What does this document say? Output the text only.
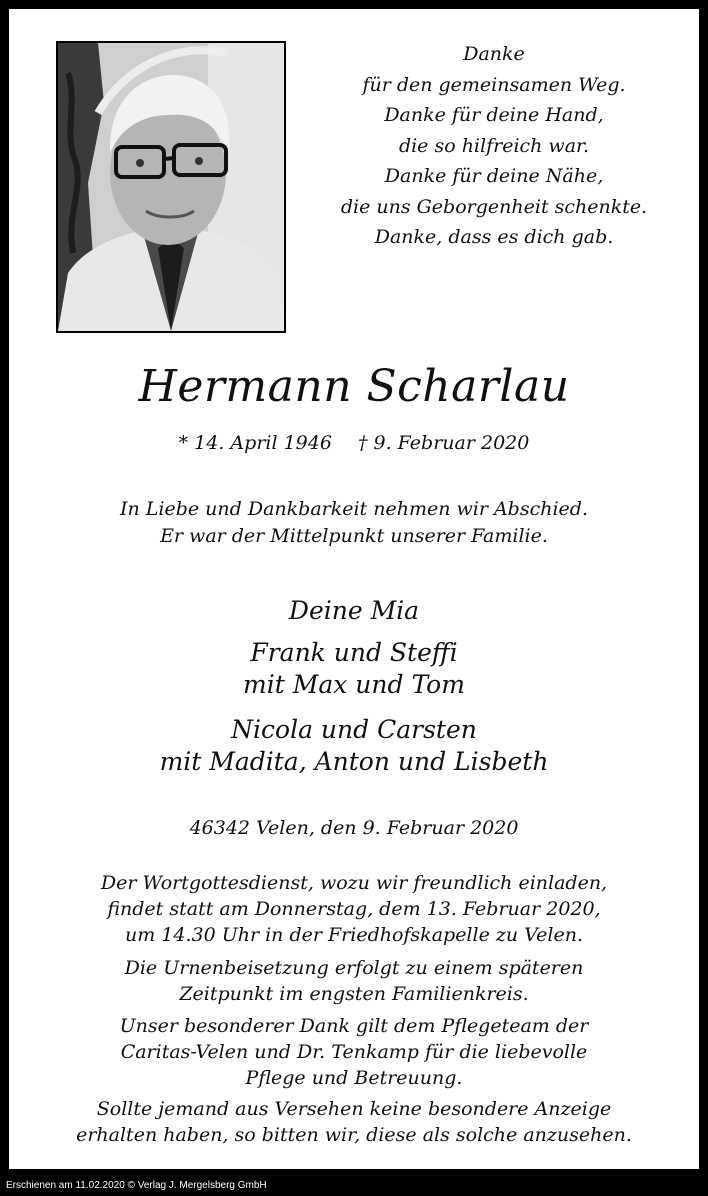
Danke
für den gemeinsamen Weg.
Danke für deine Hand,
die so hilfreich war.
Danke für deine Nähe,
die uns Geborgenheit schenkte.
Danke, dass es dich gab.
Hermann Scharlau
* 14. April 1946 † 9. Februar 2020
In Liebe und Dankbarkeit nehmen wir Abschied.
Er war der Mittelpunkt unserer Familie.
Deine Mia
Frank und Steffi
mit Max und Tom
Nicola und Carsten
mit Madita, Anton und Lisbeth
46342 Velen, den 9. Februar 2020
Der Wortgottesdienst, wozu wir freundlich einladen,
findet statt am Donnerstag, dem 13. Februar 2020,
um 14.30 Uhr in der Friedhofskapelle zu Velen.
Die Urnenbeisetzung erfolgt zu einem späteren
Zeitpunkt im engsten Familienkreis.
Unser besonderer Dank gilt dem Pflegeteam der
Caritas-Velen und Dr. Tenkamp für die liebevolle
Pflege und Betreuung.
Sollte jemand aus Versehen keine besondere Anzeige
erhalten haben, so bitten wir, diese als solche anzusehen.
Erschienen am 11.02.2020 © Verlag J. Mergelsberg GmbH
